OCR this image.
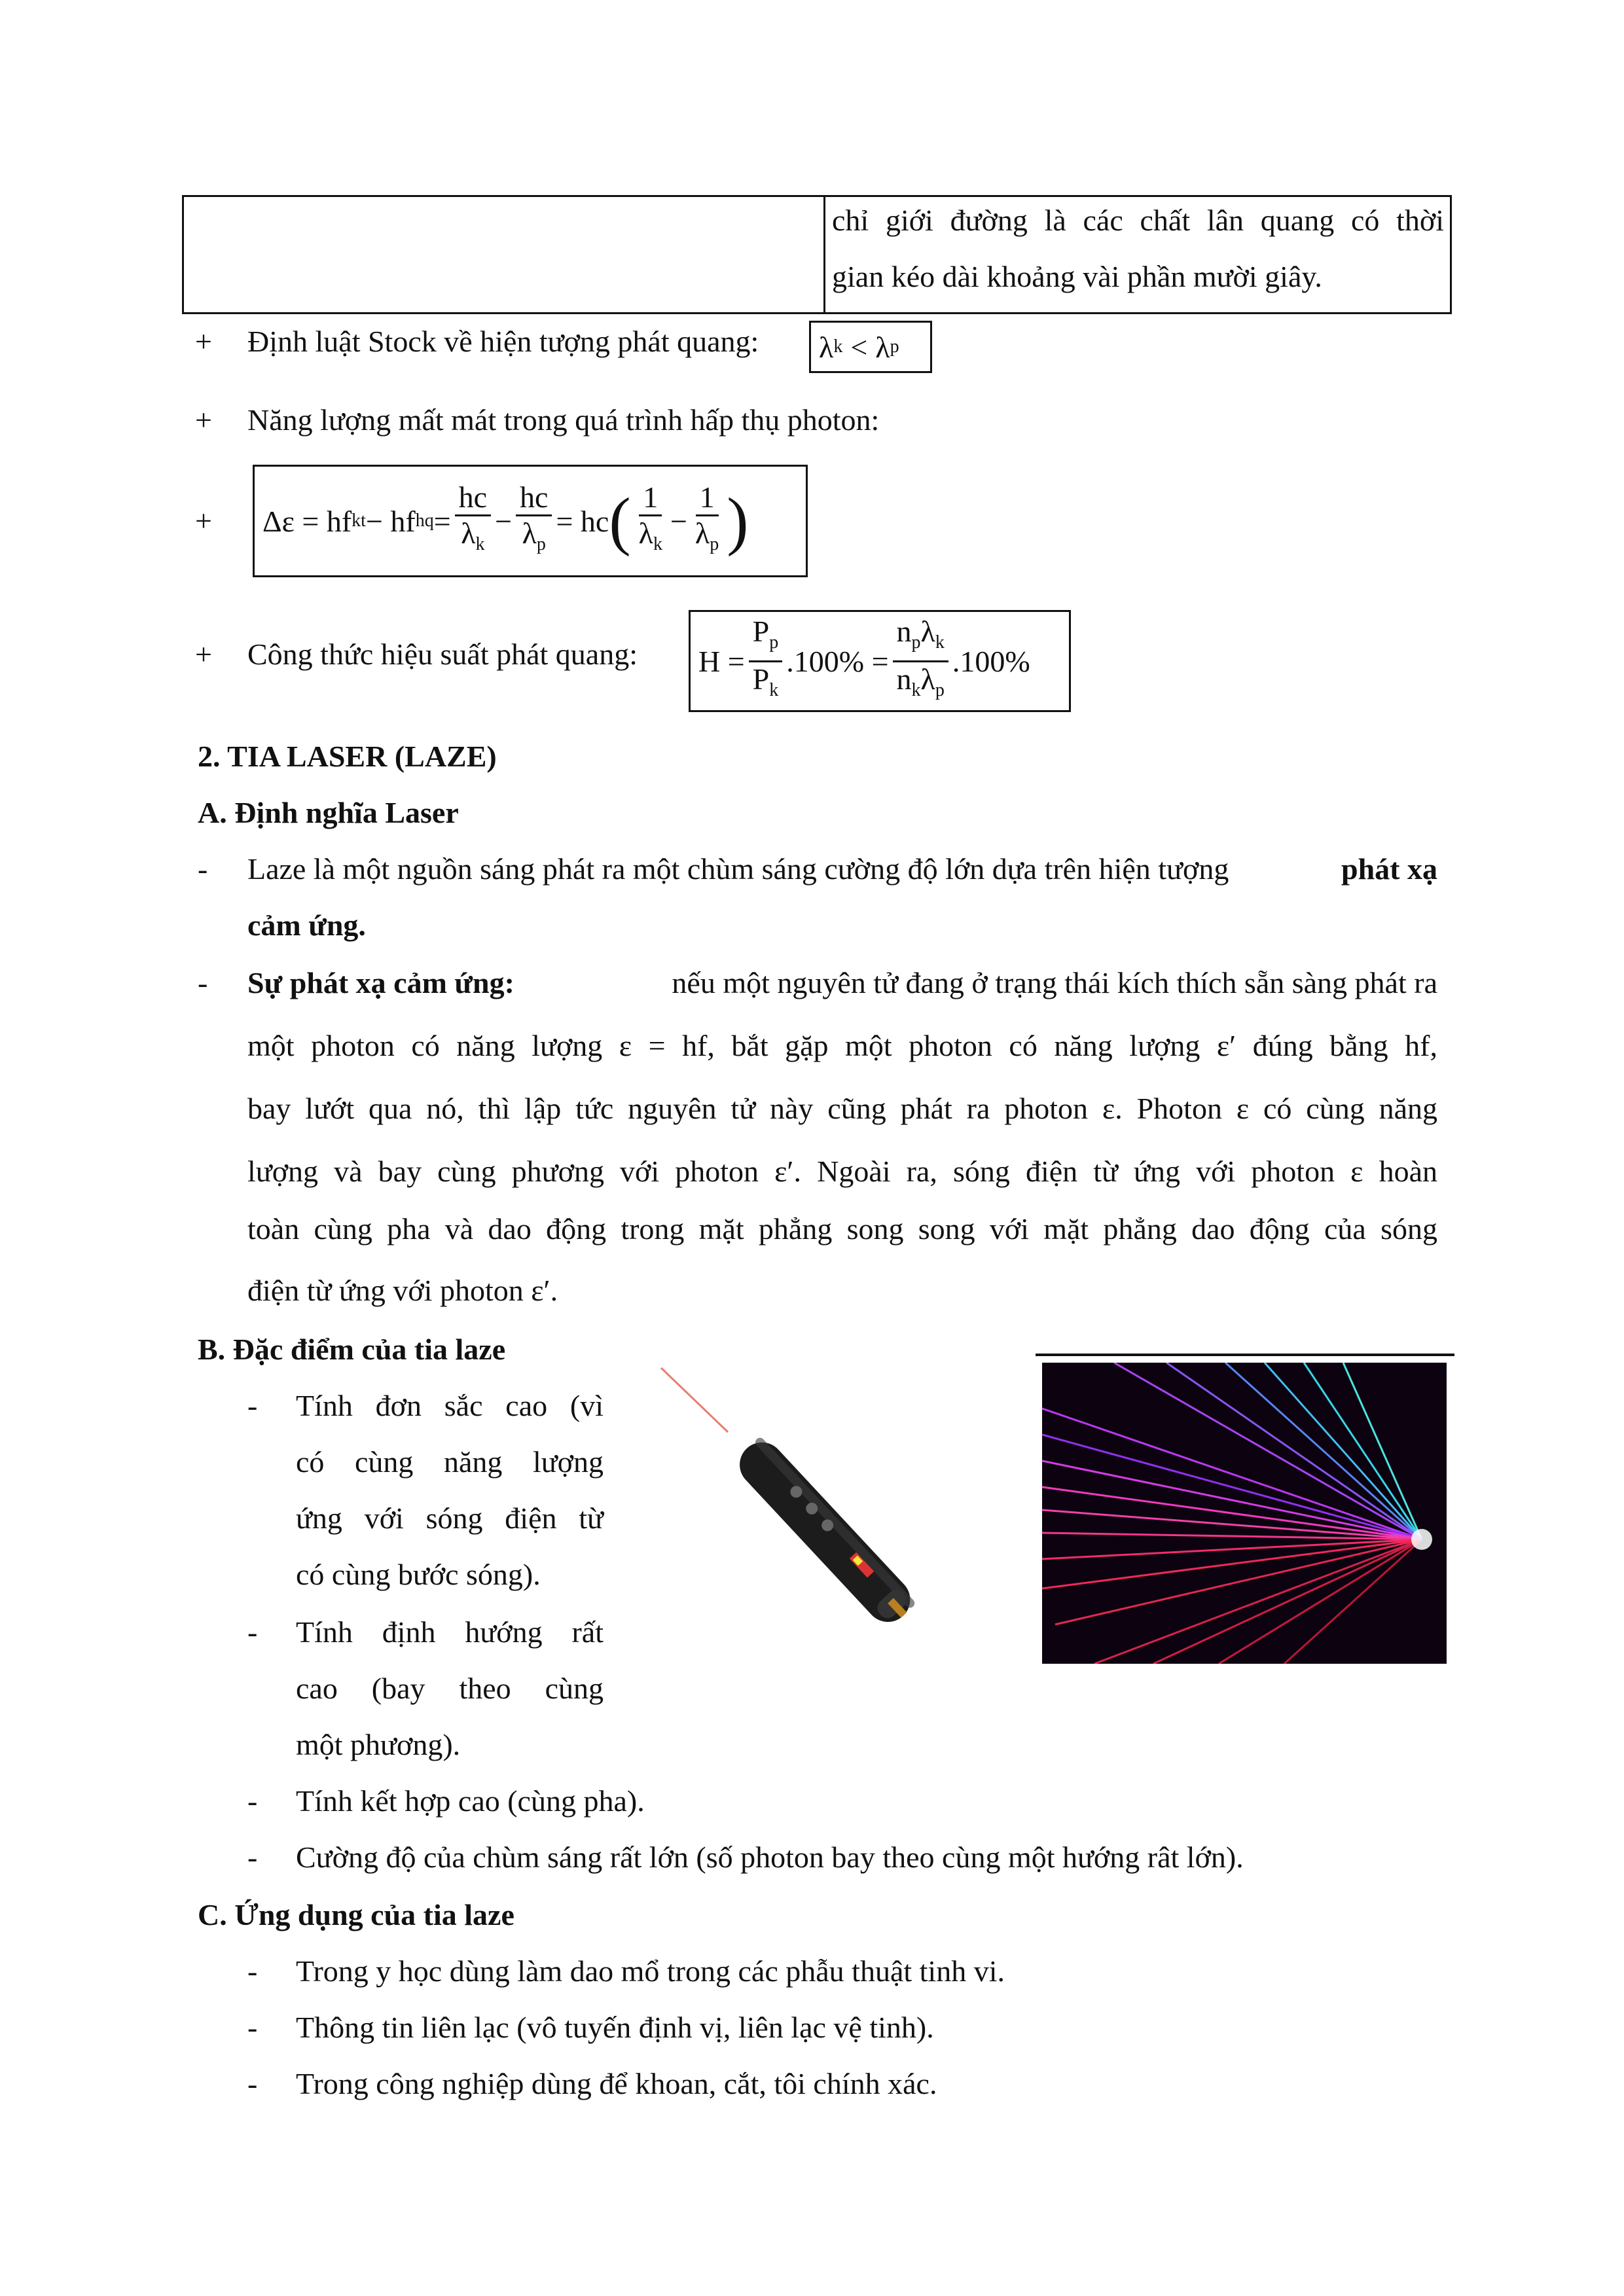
chỉ giới đường là các chất lân quang có thời
gian kéo dài khoảng vài phần mười giây.
+ Định luật Stock về hiện tượng phát quang: λ k < λ p
+ Năng lượng mất mát trong quá trình hấp thụ photon:
+ Δε = hf kt − hf hq = $\frac{hc}{\lambda_k} - \frac{hc}{\lambda_p}$ = hc ( $\frac{1}{\lambda_k} - \frac{1}{\lambda_p}$ )
+ Công thức hiệu suất phát quang: $H = \frac{P_p}{P_k} .100\% = \frac{n_p\lambda_k}{n_k\lambda_p} .100\%$
2. TIA LASER (LAZE)
A. Định nghĩa Laser
- Laze là một nguồn sáng phát ra một chùm sáng cường độ lớn dựa trên hiện tượng	phát xạ
cảm ứng.
- Sự phát xạ cảm ứng:	nếu một nguyên tử đang ở trạng thái kích thích sẵn sàng phát ra
một photon có năng lượng ε = hf, bắt gặp một photon có năng lượng ε′ đúng bằng hf,
bay lướt qua nó, thì lập tức nguyên tử này cũng phát ra photon ε. Photon ε có cùng năng
lượng và bay cùng phương với photon ε′. Ngoài ra, sóng điện từ ứng với photon ε hoàn
toàn cùng pha và dao động trong mặt phẳng song song với mặt phẳng dao động của sóng
điện từ ứng với photon ε′.
B. Đặc điểm của tia laze
- Tính đơn sắc cao (vì
có cùng năng lượng
ứng với sóng điện từ
có cùng bước sóng).
- Tính định hướng rất
cao (bay theo cùng
một phương).
- Tính kết hợp cao (cùng pha).
- Cường độ của chùm sáng rất lớn (số photon bay theo cùng một hướng rât lớn).
C. Ứng dụng của tia laze
- Trong y học dùng làm dao mổ trong các phẫu thuật tinh vi.
- Thông tin liên lạc (vô tuyến định vị, liên lạc vệ tinh).
- Trong công nghiệp dùng để khoan, cắt, tôi chính xác.
